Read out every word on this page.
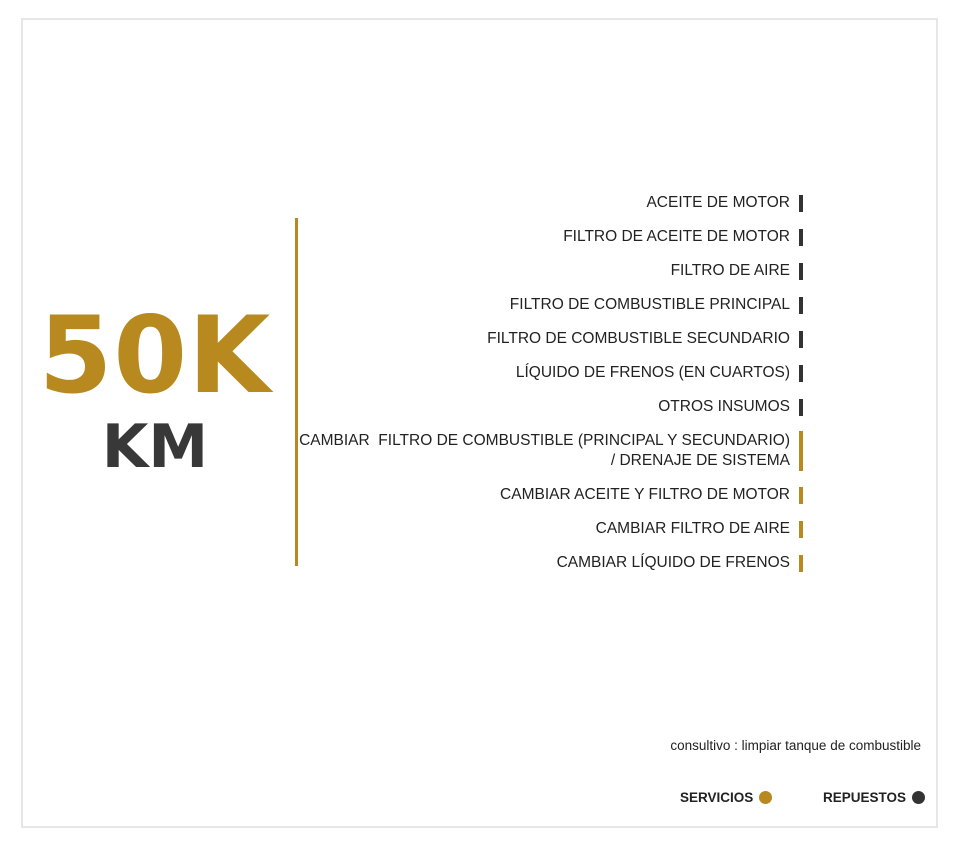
50K
KM
ACEITE DE MOTOR
FILTRO DE ACEITE DE MOTOR
FILTRO DE AIRE
FILTRO DE COMBUSTIBLE PRINCIPAL
FILTRO DE COMBUSTIBLE SECUNDARIO
LÍQUIDO DE FRENOS (EN CUARTOS)
OTROS INSUMOS
CAMBIAR  FILTRO DE COMBUSTIBLE (PRINCIPAL Y SECUNDARIO)
/ DRENAJE DE SISTEMA
CAMBIAR ACEITE Y FILTRO DE MOTOR
CAMBIAR FILTRO DE AIRE
CAMBIAR LÍQUIDO DE FRENOS
consultivo : limpiar tanque de combustible
SERVICIOS	REPUESTOS
